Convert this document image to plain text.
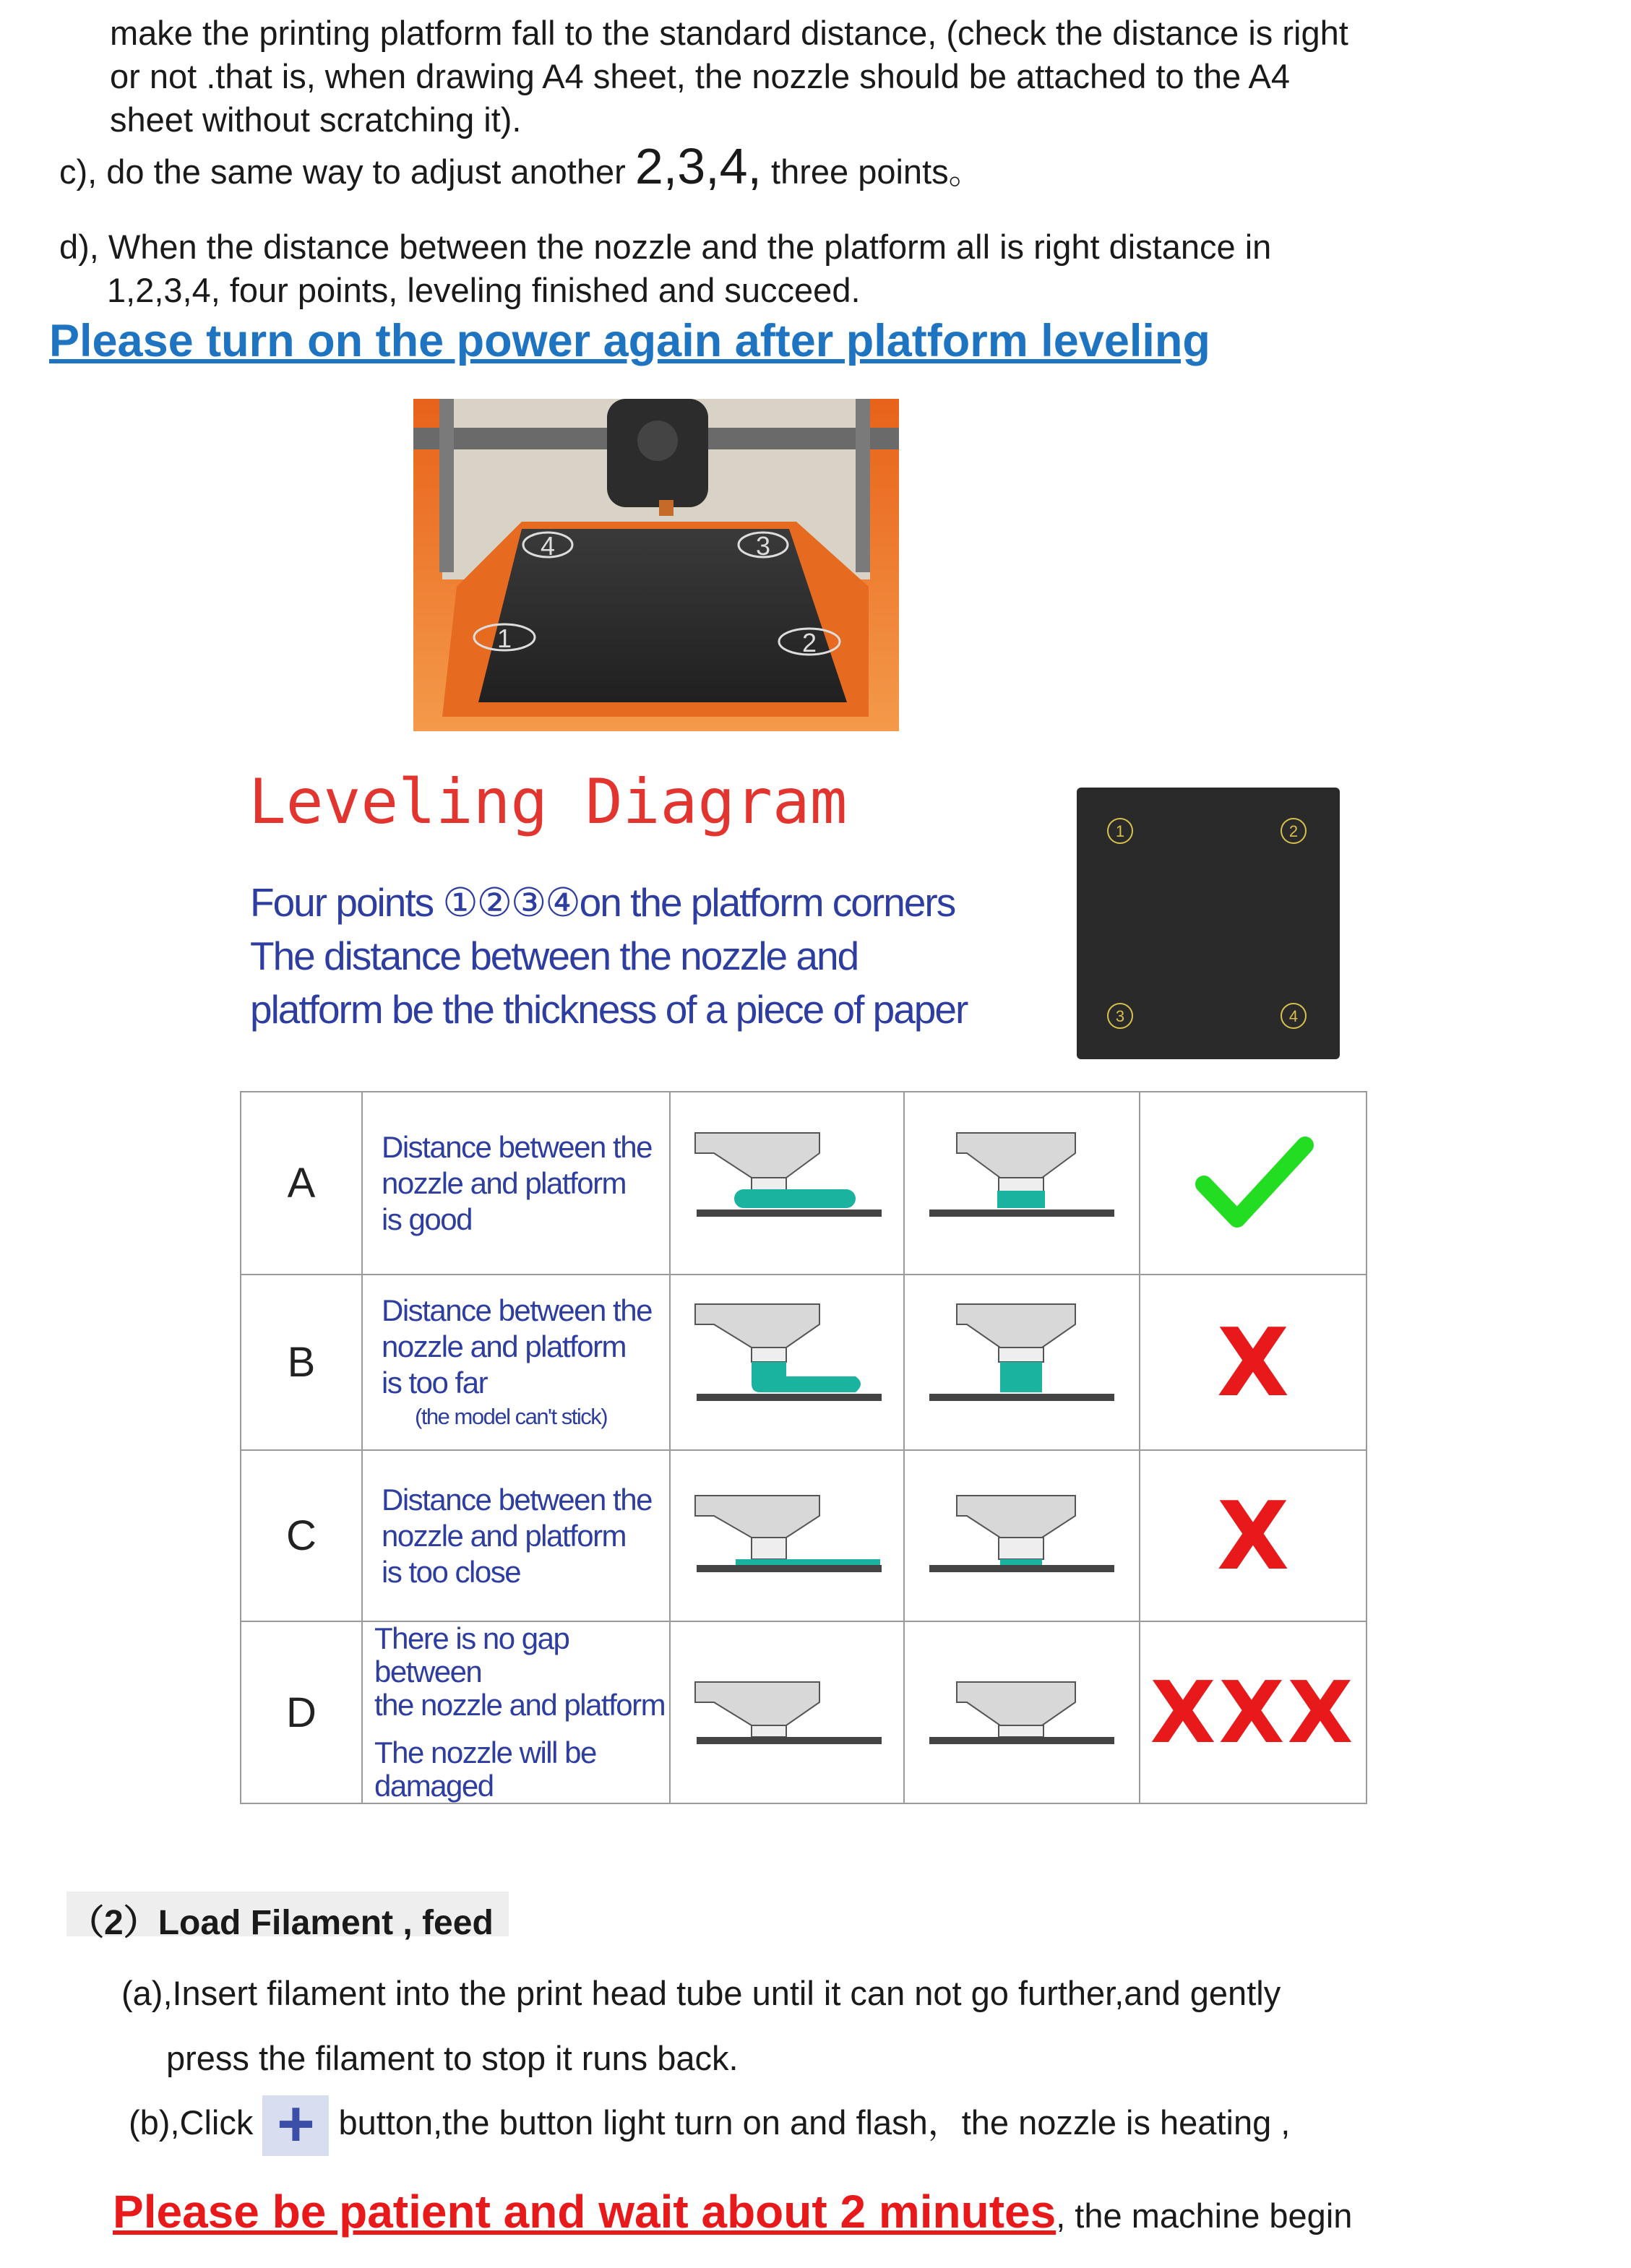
make the printing platform fall to the standard distance, (check the distance is right
or not .that is, when drawing A4 sheet, the nozzle should be attached to the A4
sheet without scratching it).
c), do the same way to adjust another 2,3,4, three points。
d), When the distance between the nozzle and the platform all is right distance in
1,2,3,4, four points, leveling finished and succeed.
Please turn on the power again after platform leveling
4	3
1	2
Leveling Diagram
Four points ①②③④on the platform corners
The distance between the nozzle and
platform be the thickness of a piece of paper
1	2
3	4
A	Distance between the
nozzle and platform
is good

B	Distance between the
nozzle and platform
is too far
(the model can't stick)			X
C	Distance between the
nozzle and platform
is too close			X
D	There is no gap between
the nozzle and platform
The nozzle will be
damaged			XXX
（2）Load Filament , feed
(a),Insert filament into the print head tube until it can not go further,and gently
press the filament to stop it runs back.
(b),Click + button,the button light turn on and flash，the nozzle is heating ,
Please be patient and wait about 2 minutes, the machine begin
